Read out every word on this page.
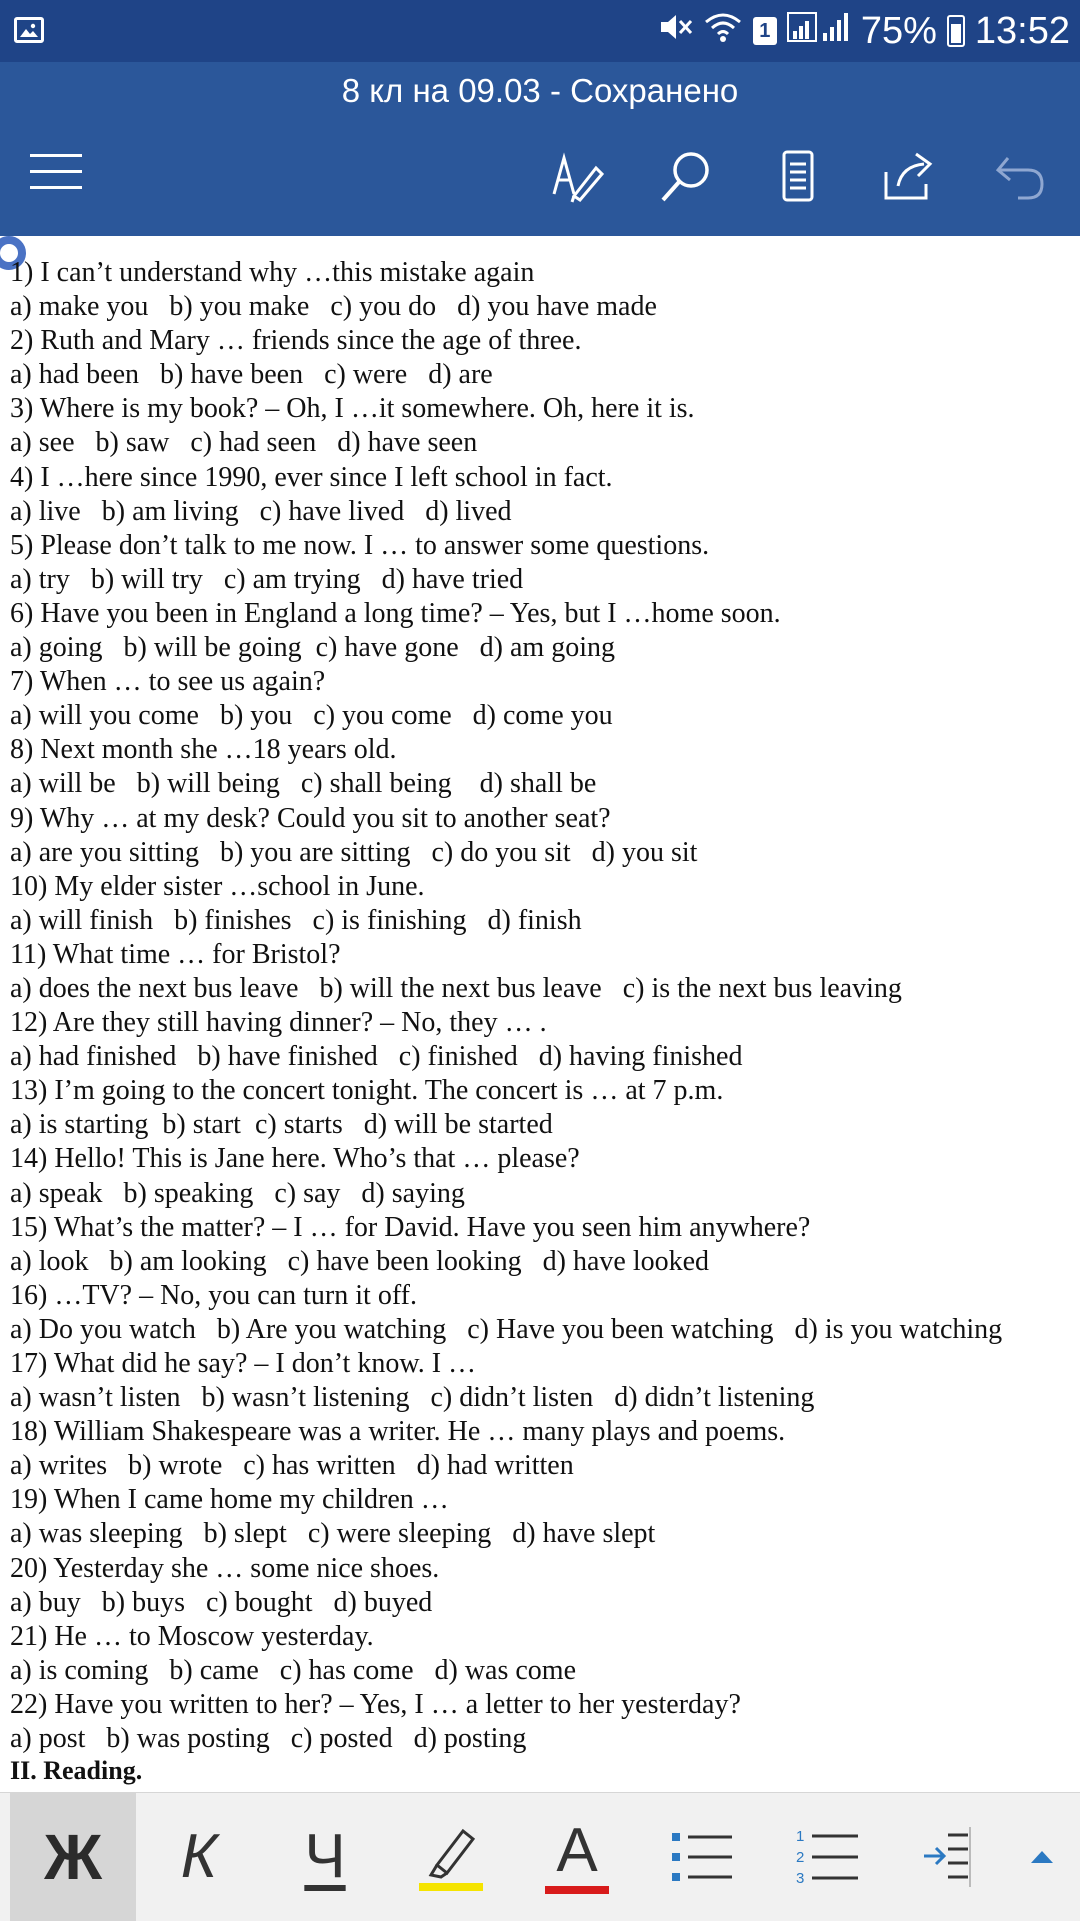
1 75% 13:52
8 кл на 09.03 - Сохранено
1) I can’t understand why …this mistake again
a) make you   b) you make   c) you do   d) you have made
2) Ruth and Mary … friends since the age of three.
a) had been   b) have been   c) were   d) are
3) Where is my book? – Oh, I …it somewhere. Oh, here it is.
a) see   b) saw   c) had seen   d) have seen
4) I …here since 1990, ever since I left school in fact.
a) live   b) am living   c) have lived   d) lived
5) Please don’t talk to me now. I … to answer some questions.
a) try   b) will try   c) am trying   d) have tried
6) Have you been in England a long time? – Yes, but I …home soon.
a) going   b) will be going  c) have gone   d) am going
7) When … to see us again?
a) will you come   b) you   c) you come   d) come you
8) Next month she …18 years old.
a) will be   b) will being   c) shall being    d) shall be
9) Why … at my desk? Could you sit to another seat?
a) are you sitting   b) you are sitting   c) do you sit   d) you sit
10) My elder sister …school in June.
a) will finish   b) finishes   c) is finishing   d) finish
11) What time … for Bristol?
a) does the next bus leave   b) will the next bus leave   c) is the next bus leaving
12) Are they still having dinner? – No, they … .
a) had finished   b) have finished   c) finished   d) having finished
13) I’m going to the concert tonight. The concert is … at 7 p.m.
a) is starting  b) start  c) starts   d) will be started
14) Hello! This is Jane here. Who’s that … please?
a) speak   b) speaking   c) say   d) saying
15) What’s the matter? – I … for David. Have you seen him anywhere?
a) look   b) am looking   c) have been looking   d) have looked
16) …TV? – No, you can turn it off.
a) Do you watch   b) Are you watching   c) Have you been watching   d) is you watching
17) What did he say? – I don’t know. I …
a) wasn’t listen   b) wasn’t listening   c) didn’t listen   d) didn’t listening
18) William Shakespeare was a writer. He … many plays and poems.
a) writes   b) wrote   c) has written   d) had written
19) When I came home my children …
a) was sleeping   b) slept   c) were sleeping   d) have slept
20) Yesterday she … some nice shoes.
a) buy   b) buys   c) bought   d) buyed
21) He … to Moscow yesterday.
a) is coming   b) came   c) has come   d) was come
22) Have you written to her? – Yes, I … a letter to her yesterday?
a) post   b) was posting   c) posted   d) posting
II. Reading.
Ж К Ч	А	1
2
3
